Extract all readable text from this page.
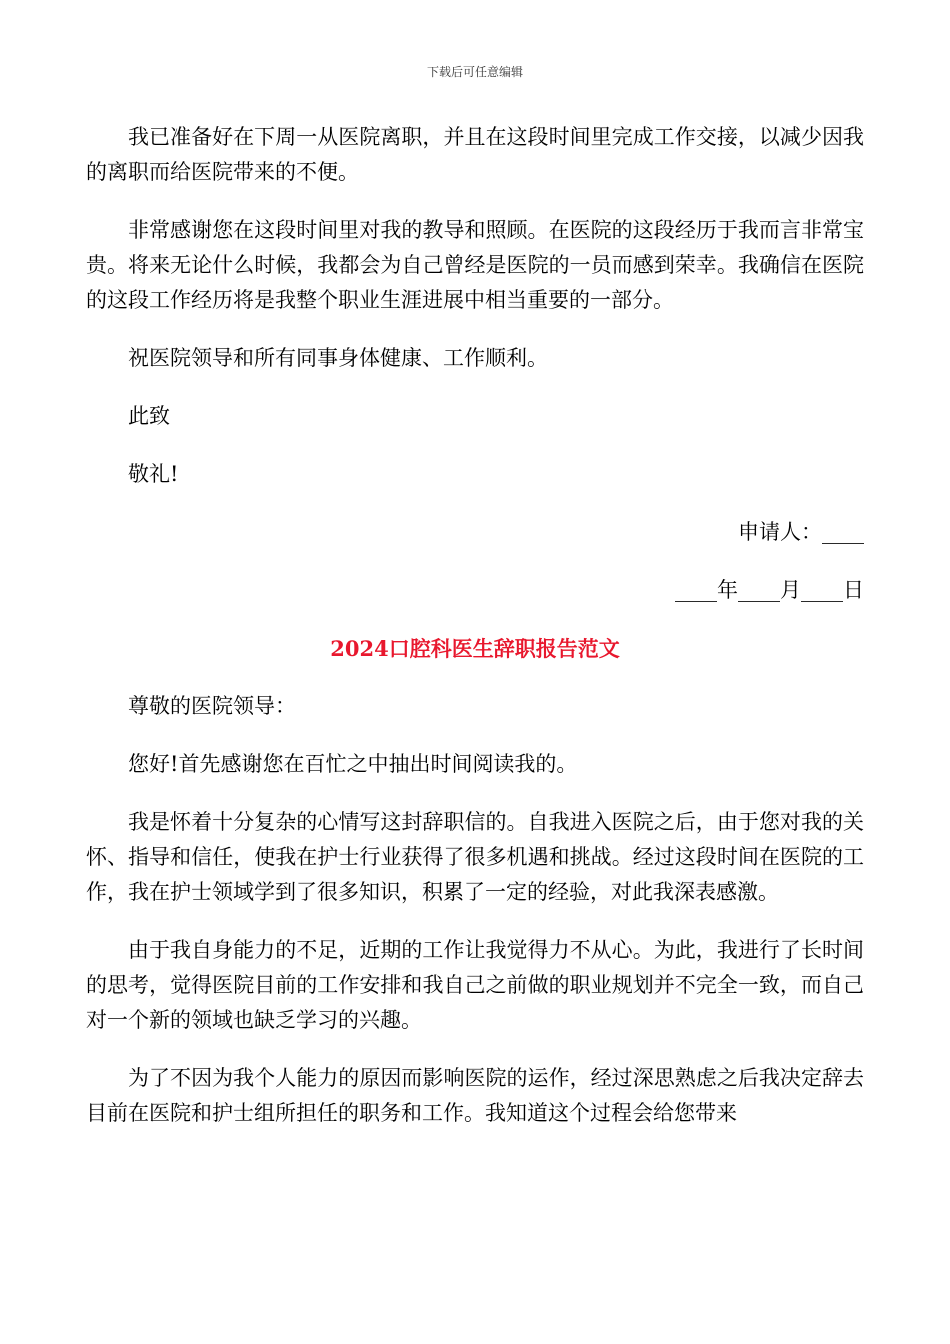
下载后可任意编辑

我已准备好在下周一从医院离职，并且在这段时间里完成工作交接，以减少因我的离职而给医院带来的不便。

非常感谢您在这段时间里对我的教导和照顾。在医院的这段经历于我而言非常宝贵。将来无论什么时候，我都会为自己曾经是医院的一员而感到荣幸。我确信在医院的这段工作经历将是我整个职业生涯进展中相当重要的一部分。

祝医院领导和所有同事身体健康、工作顺利。

此致

敬礼!

申请人：____

____年____月____日

2024口腔科医生辞职报告范文

尊敬的医院领导：

您好!首先感谢您在百忙之中抽出时间阅读我的。

我是怀着十分复杂的心情写这封辞职信的。自我进入医院之后，由于您对我的关怀、指导和信任，使我在护士行业获得了很多机遇和挑战。经过这段时间在医院的工作，我在护士领域学到了很多知识，积累了一定的经验，对此我深表感激。

由于我自身能力的不足，近期的工作让我觉得力不从心。为此，我进行了长时间的思考，觉得医院目前的工作安排和我自己之前做的职业规划并不完全一致，而自己对一个新的领域也缺乏学习的兴趣。

为了不因为我个人能力的原因而影响医院的运作，经过深思熟虑之后我决定辞去目前在医院和护士组所担任的职务和工作。我知道这个过程会给您带来
